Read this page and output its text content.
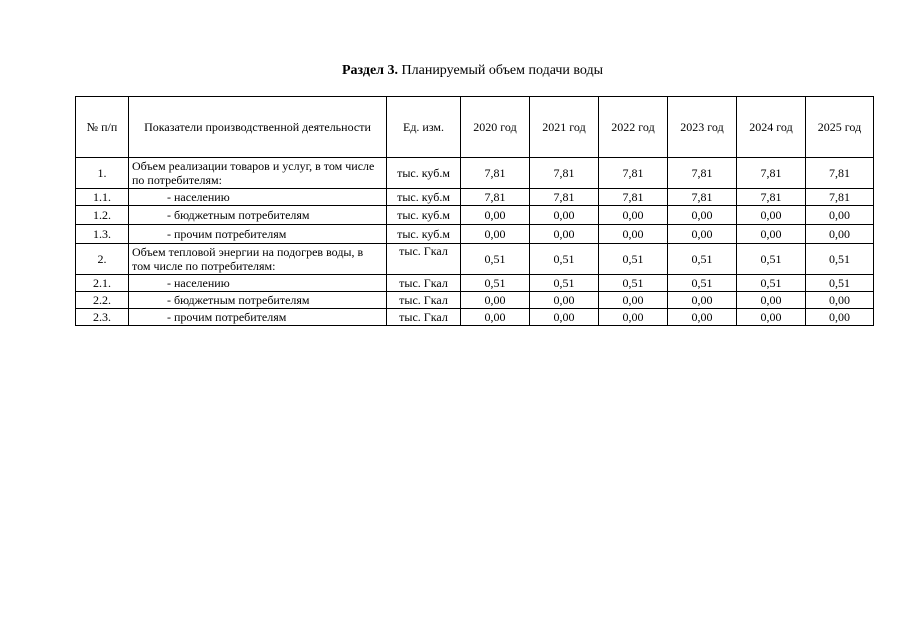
Раздел 3. Планируемый объем подачи воды
№ п/п	Показатели производственной деятельности	Ед. изм.	2020 год	2021 год	2022 год	2023 год	2024 год	2025 год
1.	Объем реализации товаров и услуг, в том числе по потребителям:	тыс. куб.м	7,81	7,81	7,81	7,81	7,81	7,81
1.1.	- населению	тыс. куб.м	7,81	7,81	7,81	7,81	7,81	7,81
1.2.	- бюджетным потребителям	тыс. куб.м	0,00	0,00	0,00	0,00	0,00	0,00
1.3.	- прочим потребителям	тыс. куб.м	0,00	0,00	0,00	0,00	0,00	0,00
2.	Объем тепловой энергии на подогрев воды, в том числе по потребителям:	тыс. Гкал	0,51	0,51	0,51	0,51	0,51	0,51
2.1.	- населению	тыс. Гкал	0,51	0,51	0,51	0,51	0,51	0,51
2.2.	- бюджетным потребителям	тыс. Гкал	0,00	0,00	0,00	0,00	0,00	0,00
2.3.	- прочим потребителям	тыс. Гкал	0,00	0,00	0,00	0,00	0,00	0,00
